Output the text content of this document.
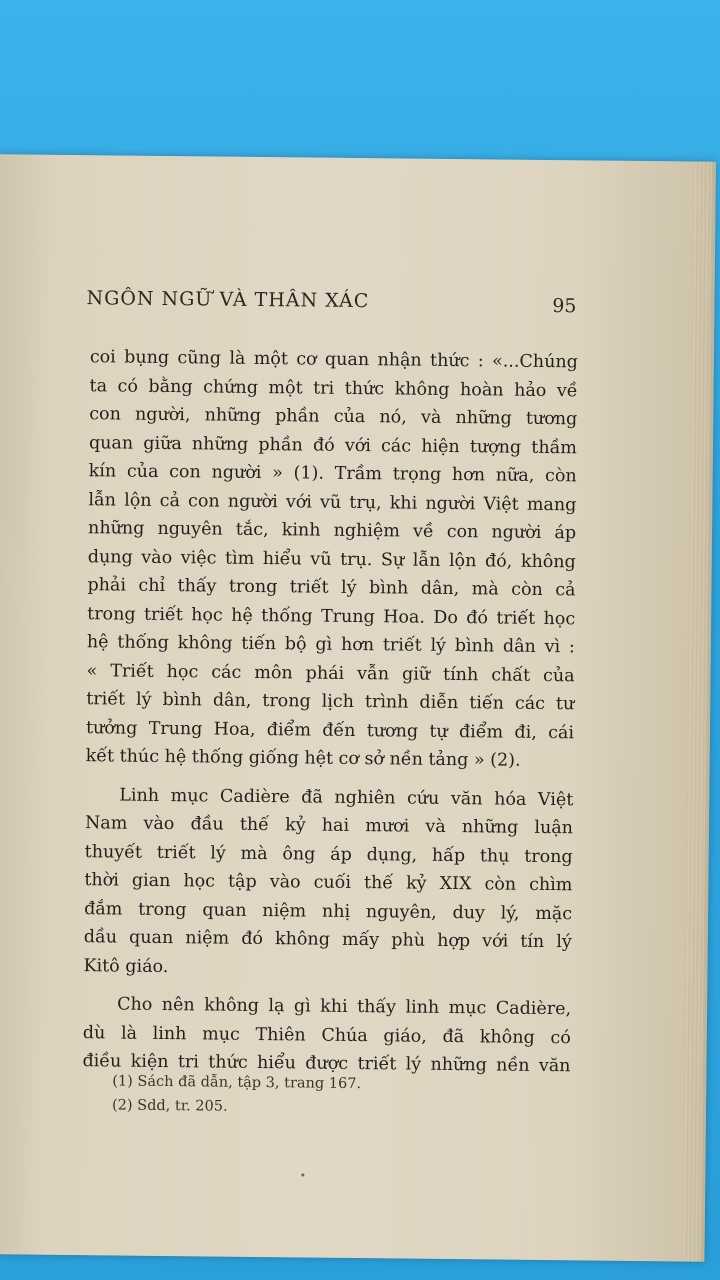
NGÔN NGỮ VÀ THÂN XÁC	95
coi bụng cũng là một cơ quan nhận thức : «...Chúng
ta có bằng chứng một tri thức không hoàn hảo về
con người, những phần của nó, và những tương
quan giữa những phần đó với các hiện tượng thầm
kín của con người » (1). Trầm trọng hơn nữa, còn
lẫn lộn cả con người với vũ trụ, khi người Việt mang
những nguyên tắc, kinh nghiệm về con người áp
dụng vào việc tìm hiểu vũ trụ. Sự lẫn lộn đó, không
phải chỉ thấy trong triết lý bình dân, mà còn cả
trong triết học hệ thống Trung Hoa. Do đó triết học
hệ thống không tiến bộ gì hơn triết lý bình dân vì :
« Triết học các môn phái vẫn giữ tính chất của
triết lý bình dân, trong lịch trình diễn tiến các tư
tưởng Trung Hoa, điểm đến tương tự điểm đi, cái
kết thúc hệ thống giống hệt cơ sở nền tảng » (2).
Linh mục Cadière đã nghiên cứu văn hóa Việt
Nam vào đầu thế kỷ hai mươi và những luận
thuyết triết lý mà ông áp dụng, hấp thụ trong
thời gian học tập vào cuối thế kỷ XIX còn chìm
đắm trong quan niệm nhị nguyên, duy lý, mặc
dầu quan niệm đó không mấy phù hợp với tín lý
Kitô giáo.
Cho nên không lạ gì khi thấy linh mục Cadière,
dù là linh mục Thiên Chúa giáo, đã không có
điều kiện tri thức hiểu được triết lý những nền văn
(1) Sách đã dẫn, tập 3, trang 167.
(2) Sdd, tr. 205.
